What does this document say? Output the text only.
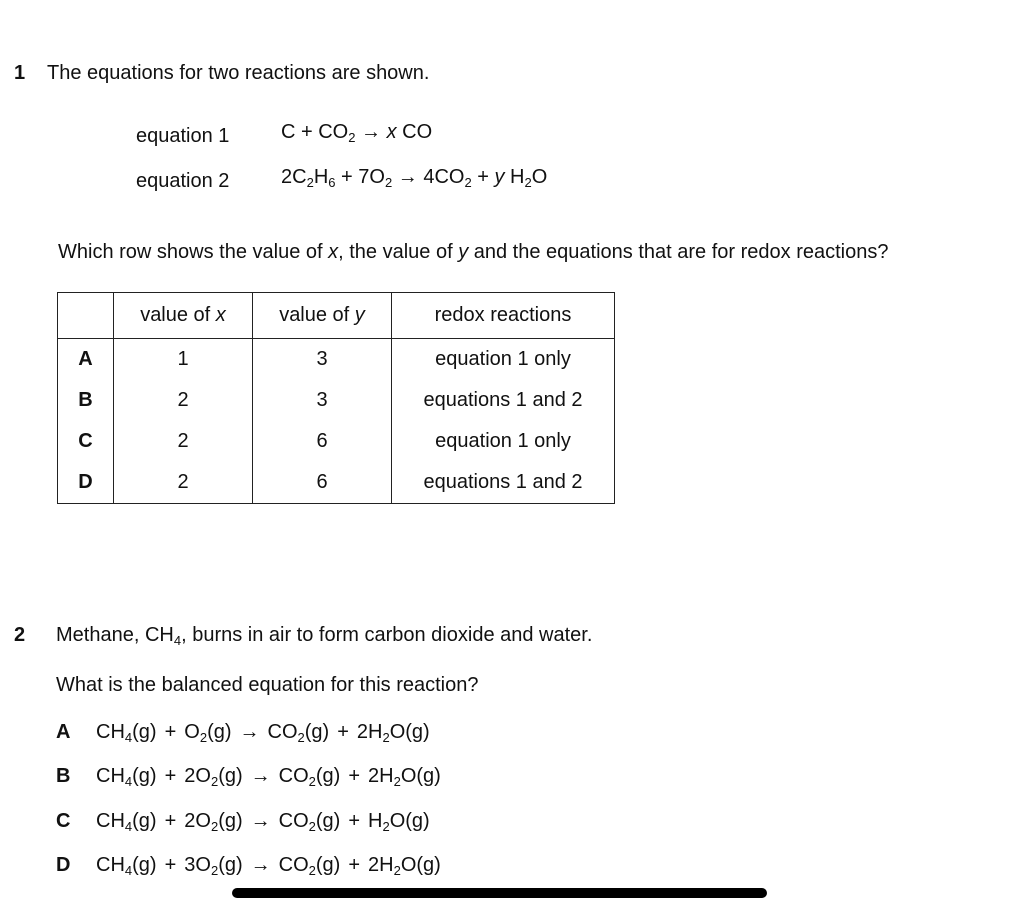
1 The equations for two reactions are shown.
equation 1	$C + CO_2 \to x$ CO
equation 2	$2C_2H_6 + 7O_2 \to 4CO_2 + y$ $H_2O$
Which row shows the value of x, the value of y and the equations that are for redox reactions?
	value of x	value of y	redox reactions
A	1	3	equation 1 only
B	2	3	equations 1 and 2
C	2	6	equation 1 only
D	2	6	equations 1 and 2
2 Methane, $CH_4$, burns in air to form carbon dioxide and water.
What is the balanced equation for this reaction?
A $CH_4(g) + O_2(g) \to CO_2(g) + 2H_2O(g)$
B $CH_4(g) + 2O_2(g) \to CO_2(g) + 2H_2O(g)$
C $CH_4(g) + 2O_2(g) \to CO_2(g) + H_2O(g)$
D $CH_4(g) + 3O_2(g) \to CO_2(g) + 2H_2O(g)$
